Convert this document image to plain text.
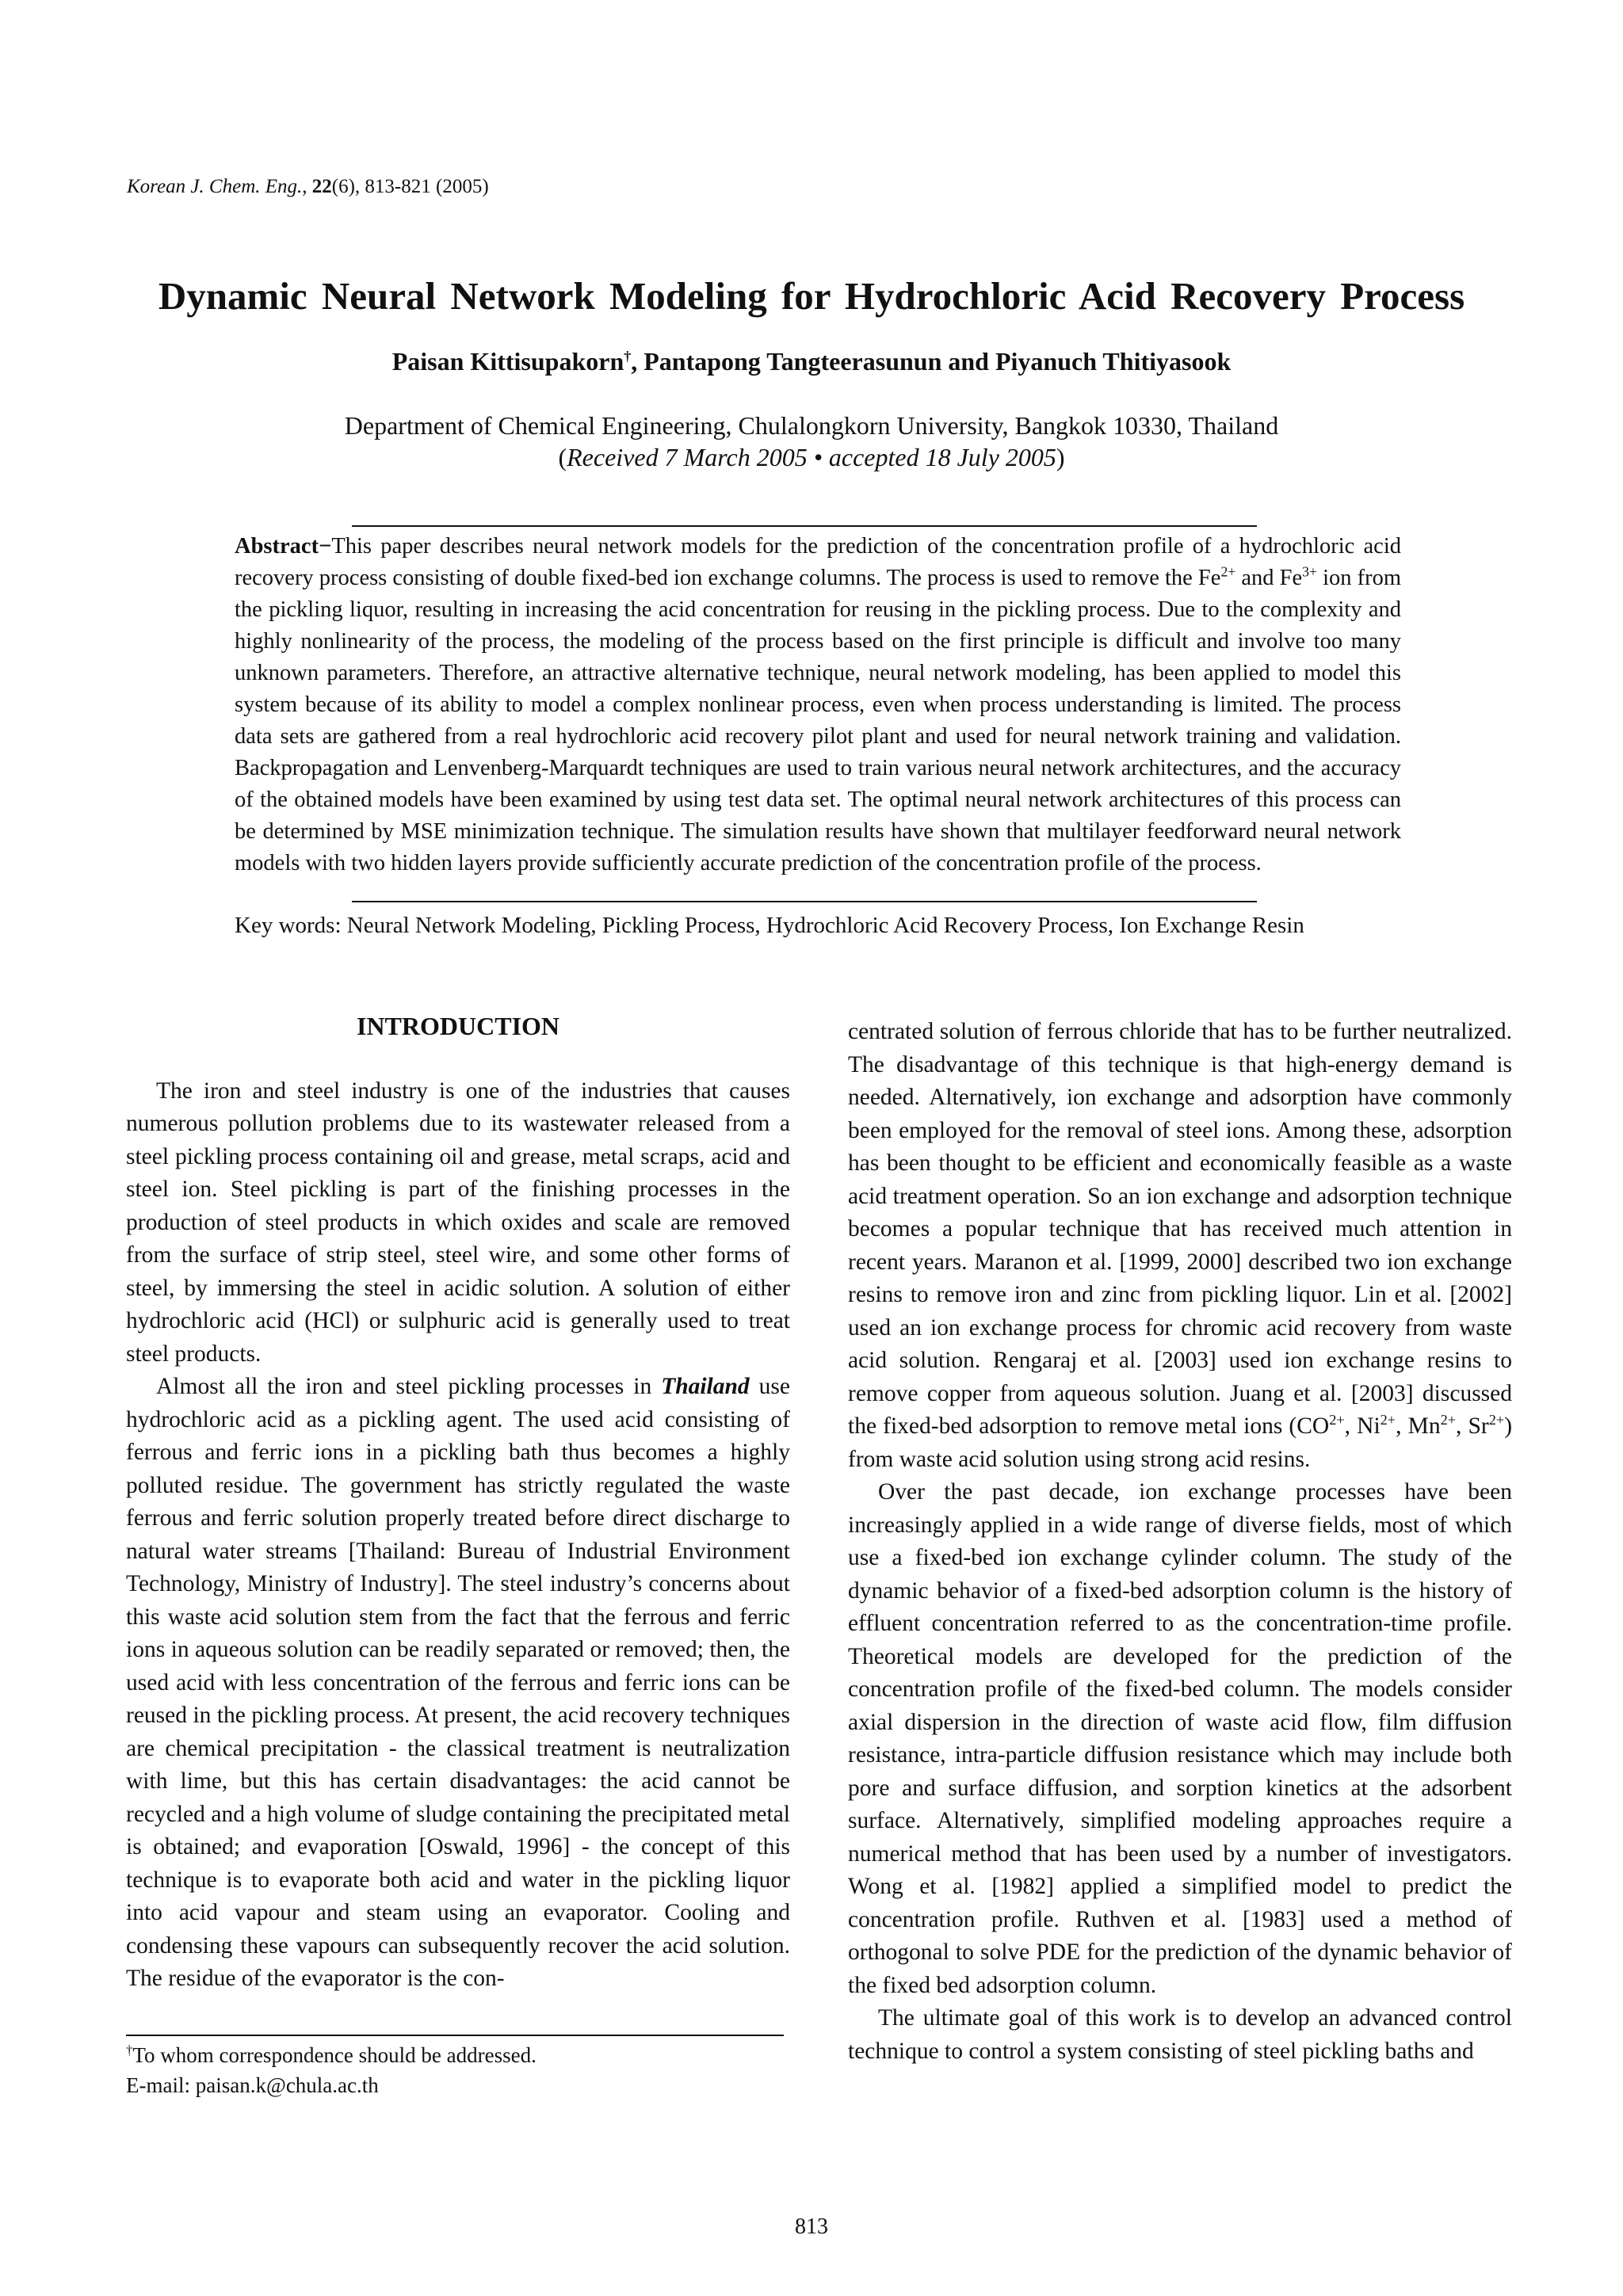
Korean J. Chem. Eng., 22(6), 813-821 (2005)
Dynamic Neural Network Modeling for Hydrochloric Acid Recovery Process
Paisan Kittisupakorn†, Pantapong Tangteerasunun and Piyanuch Thitiyasook
Department of Chemical Engineering, Chulalongkorn University, Bangkok 10330, Thailand
(Received 7 March 2005 • accepted 18 July 2005)
Abstract−This paper describes neural network models for the prediction of the concentration profile of a hydrochloric acid recovery process consisting of double fixed-bed ion exchange columns. The process is used to remove the $Fe^{2+}$ and $Fe^{3+}$ ion from the pickling liquor, resulting in increasing the acid concentration for reusing in the pickling process. Due to the complexity and highly nonlinearity of the process, the modeling of the process based on the first principle is difficult and involve too many unknown parameters. Therefore, an attractive alternative technique, neural network modeling, has been applied to model this system because of its ability to model a complex nonlinear process, even when process understanding is limited. The process data sets are gathered from a real hydrochloric acid recovery pilot plant and used for neural network training and validation. Backpropagation and Lenvenberg-Marquardt techniques are used to train various neural network architectures, and the accuracy of the obtained models have been examined by using test data set. The optimal neural network architectures of this process can be determined by MSE minimization technique. The simulation results have shown that multilayer feedforward neural network models with two hidden layers provide sufficiently accurate prediction of the concentration profile of the process.
Key words: Neural Network Modeling, Pickling Process, Hydrochloric Acid Recovery Process, Ion Exchange Resin

INTRODUCTION

The iron and steel industry is one of the industries that causes numerous pollution problems due to its wastewater released from a steel pickling process containing oil and grease, metal scraps, acid and steel ion. Steel pickling is part of the finishing processes in the production of steel products in which oxides and scale are removed from the surface of strip steel, steel wire, and some other forms of steel, by immersing the steel in acidic solution. A solution of either hydrochloric acid (HCl) or sulphuric acid is generally used to treat steel products.

Almost all the iron and steel pickling processes in Thailand use hydrochloric acid as a pickling agent. The used acid consisting of ferrous and ferric ions in a pickling bath thus becomes a highly polluted residue. The government has strictly regulated the waste ferrous and ferric solution properly treated before direct discharge to natural water streams [Thailand: Bureau of Industrial Environment Technology, Ministry of Industry]. The steel industry’s concerns about this waste acid solution stem from the fact that the ferrous and ferric ions in aqueous solution can be readily separated or removed; then, the used acid with less concentration of the ferrous and ferric ions can be reused in the pickling process. At present, the acid recovery techniques are chemical precipitation - the classical treatment is neutralization with lime, but this has certain disadvantages: the acid cannot be recycled and a high volume of sludge containing the precipitated metal is obtained; and evaporation [Oswald, 1996] - the concept of this technique is to evaporate both acid and water in the pickling liquor into acid vapour and steam using an evaporator. Cooling and condensing these vapours can subsequently recover the acid solution. The residue of the evaporator is the con-

centrated solution of ferrous chloride that has to be further neutralized. The disadvantage of this technique is that high-energy demand is needed. Alternatively, ion exchange and adsorption have commonly been employed for the removal of steel ions. Among these, adsorption has been thought to be efficient and economically feasible as a waste acid treatment operation. So an ion exchange and adsorption technique becomes a popular technique that has received much attention in recent years. Maranon et al. [1999, 2000] described two ion exchange resins to remove iron and zinc from pickling liquor. Lin et al. [2002] used an ion exchange process for chromic acid recovery from waste acid solution. Rengaraj et al. [2003] used ion exchange resins to remove copper from aqueous solution. Juang et al. [2003] discussed the fixed-bed adsorption to remove metal ions ($CO^{2+}$, $Ni^{2+}$, $Mn^{2+}$, $Sr^{2+}$) from waste acid solution using strong acid resins.

Over the past decade, ion exchange processes have been increasingly applied in a wide range of diverse fields, most of which use a fixed-bed ion exchange cylinder column. The study of the dynamic behavior of a fixed-bed adsorption column is the history of effluent concentration referred to as the concentration-time profile. Theoretical models are developed for the prediction of the concentration profile of the fixed-bed column. The models consider axial dispersion in the direction of waste acid flow, film diffusion resistance, intra-particle diffusion resistance which may include both pore and surface diffusion, and sorption kinetics at the adsorbent surface. Alternatively, simplified modeling approaches require a numerical method that has been used by a number of investigators. Wong et al. [1982] applied a simplified model to predict the concentration profile. Ruthven et al. [1983] used a method of orthogonal to solve PDE for the prediction of the dynamic behavior of the fixed bed adsorption column.

The ultimate goal of this work is to develop an advanced control technique to control a system consisting of steel pickling baths and

†To whom correspondence should be addressed.
E-mail: paisan.k@chula.ac.th
813
